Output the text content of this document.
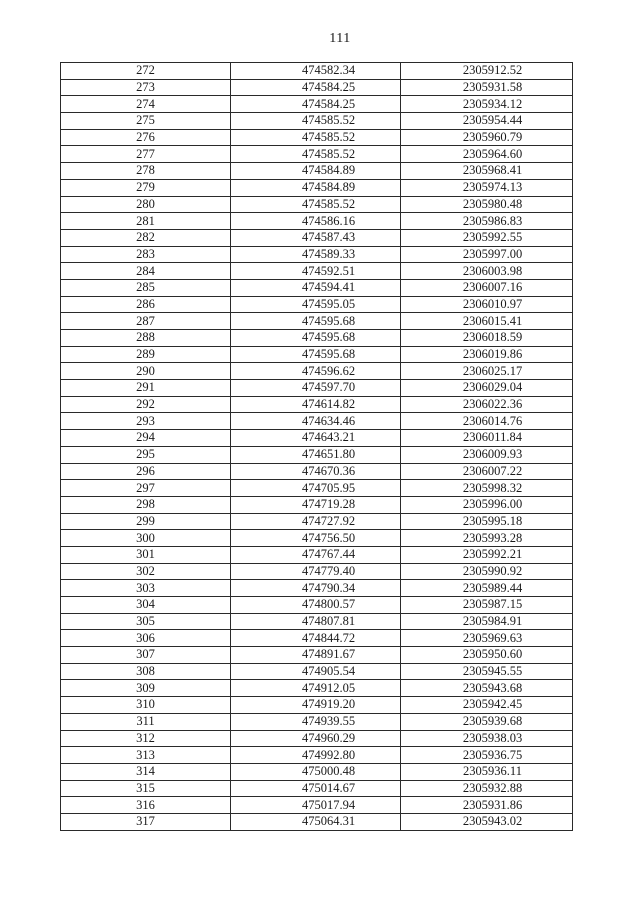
111
272	474582.34	2305912.52
273	474584.25	2305931.58
274	474584.25	2305934.12
275	474585.52	2305954.44
276	474585.52	2305960.79
277	474585.52	2305964.60
278	474584.89	2305968.41
279	474584.89	2305974.13
280	474585.52	2305980.48
281	474586.16	2305986.83
282	474587.43	2305992.55
283	474589.33	2305997.00
284	474592.51	2306003.98
285	474594.41	2306007.16
286	474595.05	2306010.97
287	474595.68	2306015.41
288	474595.68	2306018.59
289	474595.68	2306019.86
290	474596.62	2306025.17
291	474597.70	2306029.04
292	474614.82	2306022.36
293	474634.46	2306014.76
294	474643.21	2306011.84
295	474651.80	2306009.93
296	474670.36	2306007.22
297	474705.95	2305998.32
298	474719.28	2305996.00
299	474727.92	2305995.18
300	474756.50	2305993.28
301	474767.44	2305992.21
302	474779.40	2305990.92
303	474790.34	2305989.44
304	474800.57	2305987.15
305	474807.81	2305984.91
306	474844.72	2305969.63
307	474891.67	2305950.60
308	474905.54	2305945.55
309	474912.05	2305943.68
310	474919.20	2305942.45
311	474939.55	2305939.68
312	474960.29	2305938.03
313	474992.80	2305936.75
314	475000.48	2305936.11
315	475014.67	2305932.88
316	475017.94	2305931.86
317	475064.31	2305943.02
